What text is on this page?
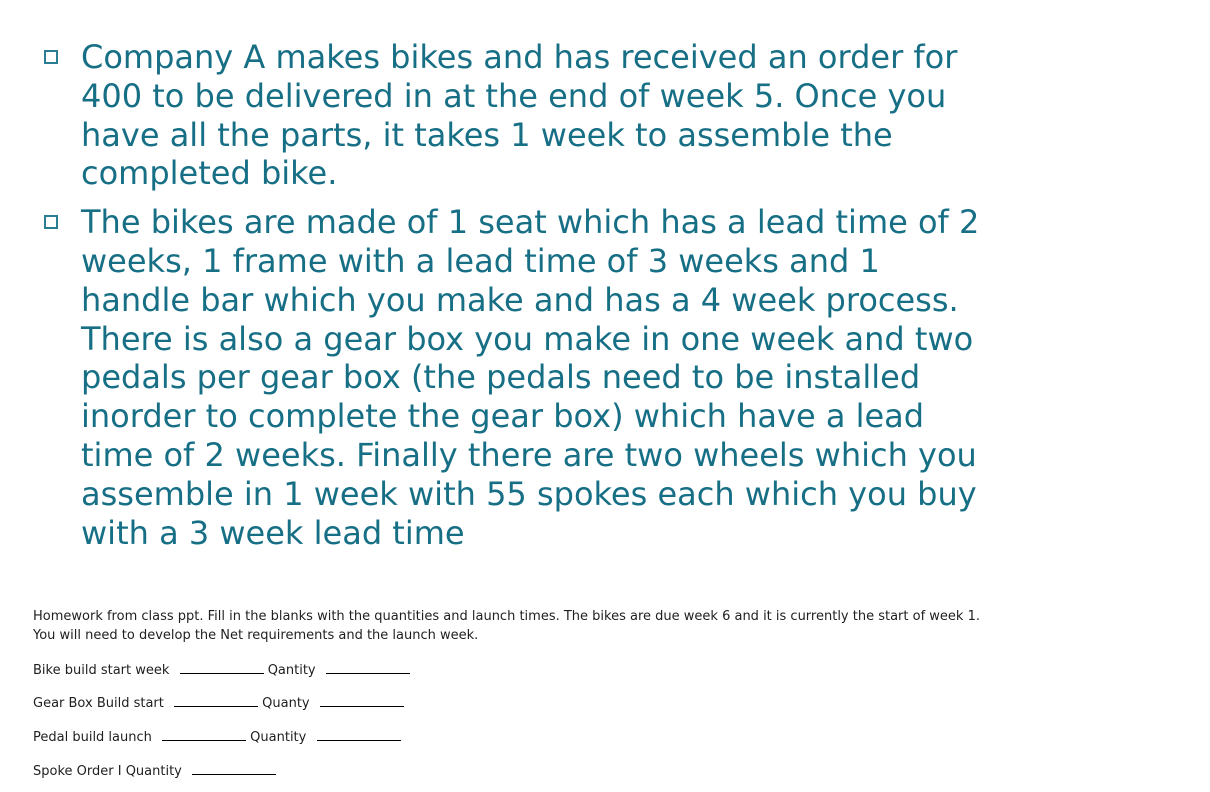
Company A makes bikes and has received an order for 400 to be delivered in at the end of week 5. Once you have all the parts, it takes 1 week to assemble the completed bike.
The bikes are made of 1 seat which has a lead time of 2 weeks, 1 frame with a lead time of 3 weeks and 1 handle bar which you make and has a 4 week process. There is also a gear box you make in one week and two pedals per gear box (the pedals need to be installed inorder to complete the gear box) which have a lead time of 2 weeks. Finally there are two wheels which you assemble in 1 week with 55 spokes each which you buy with a 3 week lead time
Homework from class ppt. Fill in the blanks with the quantities and launch times. The bikes are due week 6 and it is currently the start of week 1. You will need to develop the Net requirements and the launch week.
Bike build start week	Qantity
Gear Box Build start	Quanty
Pedal build launch	Quantity
Spoke Order I Quantity
